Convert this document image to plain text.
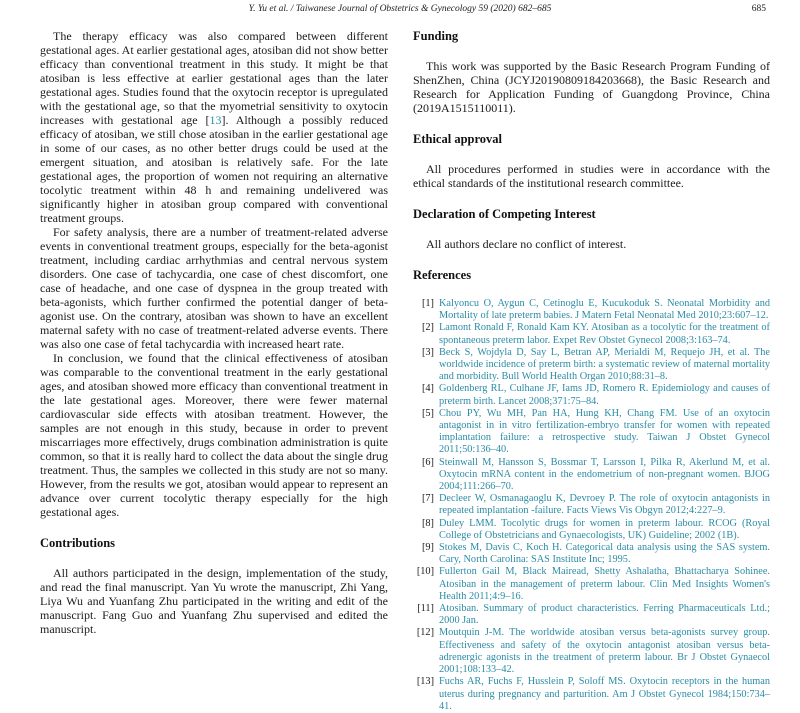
Y. Yu et al. / Taiwanese Journal of Obstetrics & Gynecology 59 (2020) 682–685	685

The therapy efficacy was also compared between different gestational ages. At earlier gestational ages, atosiban did not show better efficacy than conventional treatment in this study. It might be that atosiban is less effective at earlier gestational ages than the later gestational ages. Studies found that the oxytocin receptor is upregulated with the gestational age, so that the myometrial sensitivity to oxytocin increases with gestational age [13]. Although a possibly reduced efficacy of atosiban, we still chose atosiban in the earlier gestational age in some of our cases, as no other better drugs could be used at the emergent situation, and atosiban is relatively safe. For the late gestational ages, the proportion of women not requiring an alternative tocolytic treatment within 48 h and remaining undelivered was significantly higher in atosiban group compared with conventional treatment groups.

For safety analysis, there are a number of treatment-related adverse events in conventional treatment groups, especially for the beta-agonist treatment, including cardiac arrhythmias and central nervous system disorders. One case of tachycardia, one case of chest discomfort, one case of headache, and one case of dyspnea in the group treated with beta-agonists, which further confirmed the potential danger of beta-agonist use. On the contrary, atosiban was shown to have an excellent maternal safety with no case of treatment-related adverse events. There was also one case of fetal tachycardia with increased heart rate.

In conclusion, we found that the clinical effectiveness of atosiban was comparable to the conventional treatment in the early gestational ages, and atosiban showed more efficacy than conventional treatment in the late gestational ages. Moreover, there were fewer maternal cardiovascular side effects with atosiban treatment. However, the samples are not enough in this study, because in order to prevent miscarriages more effectively, drugs combination administration is quite common, so that it is really hard to collect the data about the single drug treatment. Thus, the samples we collected in this study are not so many. However, from the results we got, atosiban would appear to represent an advance over current tocolytic therapy especially for the high gestational ages.

Contributions

All authors participated in the design, implementation of the study, and read the final manuscript. Yan Yu wrote the manuscript, Zhi Yang, Liya Wu and Yuanfang Zhu participated in the writing and edit of the manuscript. Fang Guo and Yuanfang Zhu supervised and edited the manuscript.

Funding

This work was supported by the Basic Research Program Funding of ShenZhen, China (JCYJ20190809184203668), the Basic Research and Research for Application Funding of Guangdong Province, China (2019A1515110011).

Ethical approval

All procedures performed in studies were in accordance with the ethical standards of the institutional research committee.

Declaration of Competing Interest

All authors declare no conflict of interest.

References
[1] Kalyoncu O, Aygun C, Cetinoglu E, Kucukoduk S. Neonatal Morbidity and Mortality of late preterm babies. J Matern Fetal Neonatal Med 2010;23:607–12.
[2] Lamont Ronald F, Ronald Kam KY. Atosiban as a tocolytic for the treatment of spontaneous preterm labor. Expet Rev Obstet Gynecol 2008;3:163–74.
[3] Beck S, Wojdyla D, Say L, Betran AP, Merialdi M, Requejo JH, et al. The worldwide incidence of preterm birth: a systematic review of maternal mortality and morbidity. Bull World Health Organ 2010;88:31–8.
[4] Goldenberg RL, Culhane JF, Iams JD, Romero R. Epidemiology and causes of preterm birth. Lancet 2008;371:75–84.
[5] Chou PY, Wu MH, Pan HA, Hung KH, Chang FM. Use of an oxytocin antagonist in in vitro fertilization-embryo transfer for women with repeated implantation failure: a retrospective study. Taiwan J Obstet Gynecol 2011;50:136–40.
[6] Steinwall M, Hansson S, Bossmar T, Larsson I, Pilka R, Akerlund M, et al. Oxytocin mRNA content in the endometrium of non-pregnant women. BJOG 2004;111:266–70.
[7] Decleer W, Osmanagaoglu K, Devroey P. The role of oxytocin antagonists in repeated implantation -failure. Facts Views Vis Obgyn 2012;4:227–9.
[8] Duley LMM. Tocolytic drugs for women in preterm labour. RCOG (Royal College of Obstetricians and Gynaecologists, UK) Guideline; 2002 (1B).
[9] Stokes M, Davis C, Koch H. Categorical data analysis using the SAS system. Cary, North Carolina: SAS Institute Inc; 1995.
[10] Fullerton Gail M, Black Mairead, Shetty Ashalatha, Bhattacharya Sohinee. Atosiban in the management of preterm labour. Clin Med Insights Women's Health 2011;4:9–16.
[11] Atosiban. Summary of product characteristics. Ferring Pharmaceuticals Ltd.; 2000 Jan.
[12] Moutquin J-M. The worldwide atosiban versus beta-agonists survey group. Effectiveness and safety of the oxytocin antagonist atosiban versus beta-adrenergic agonists in the treatment of preterm labour. Br J Obstet Gynaecol 2001;108:133–42.
[13] Fuchs AR, Fuchs F, Husslein P, Soloff MS. Oxytocin receptors in the human uterus during pregnancy and parturition. Am J Obstet Gynecol 1984;150:734–41.
